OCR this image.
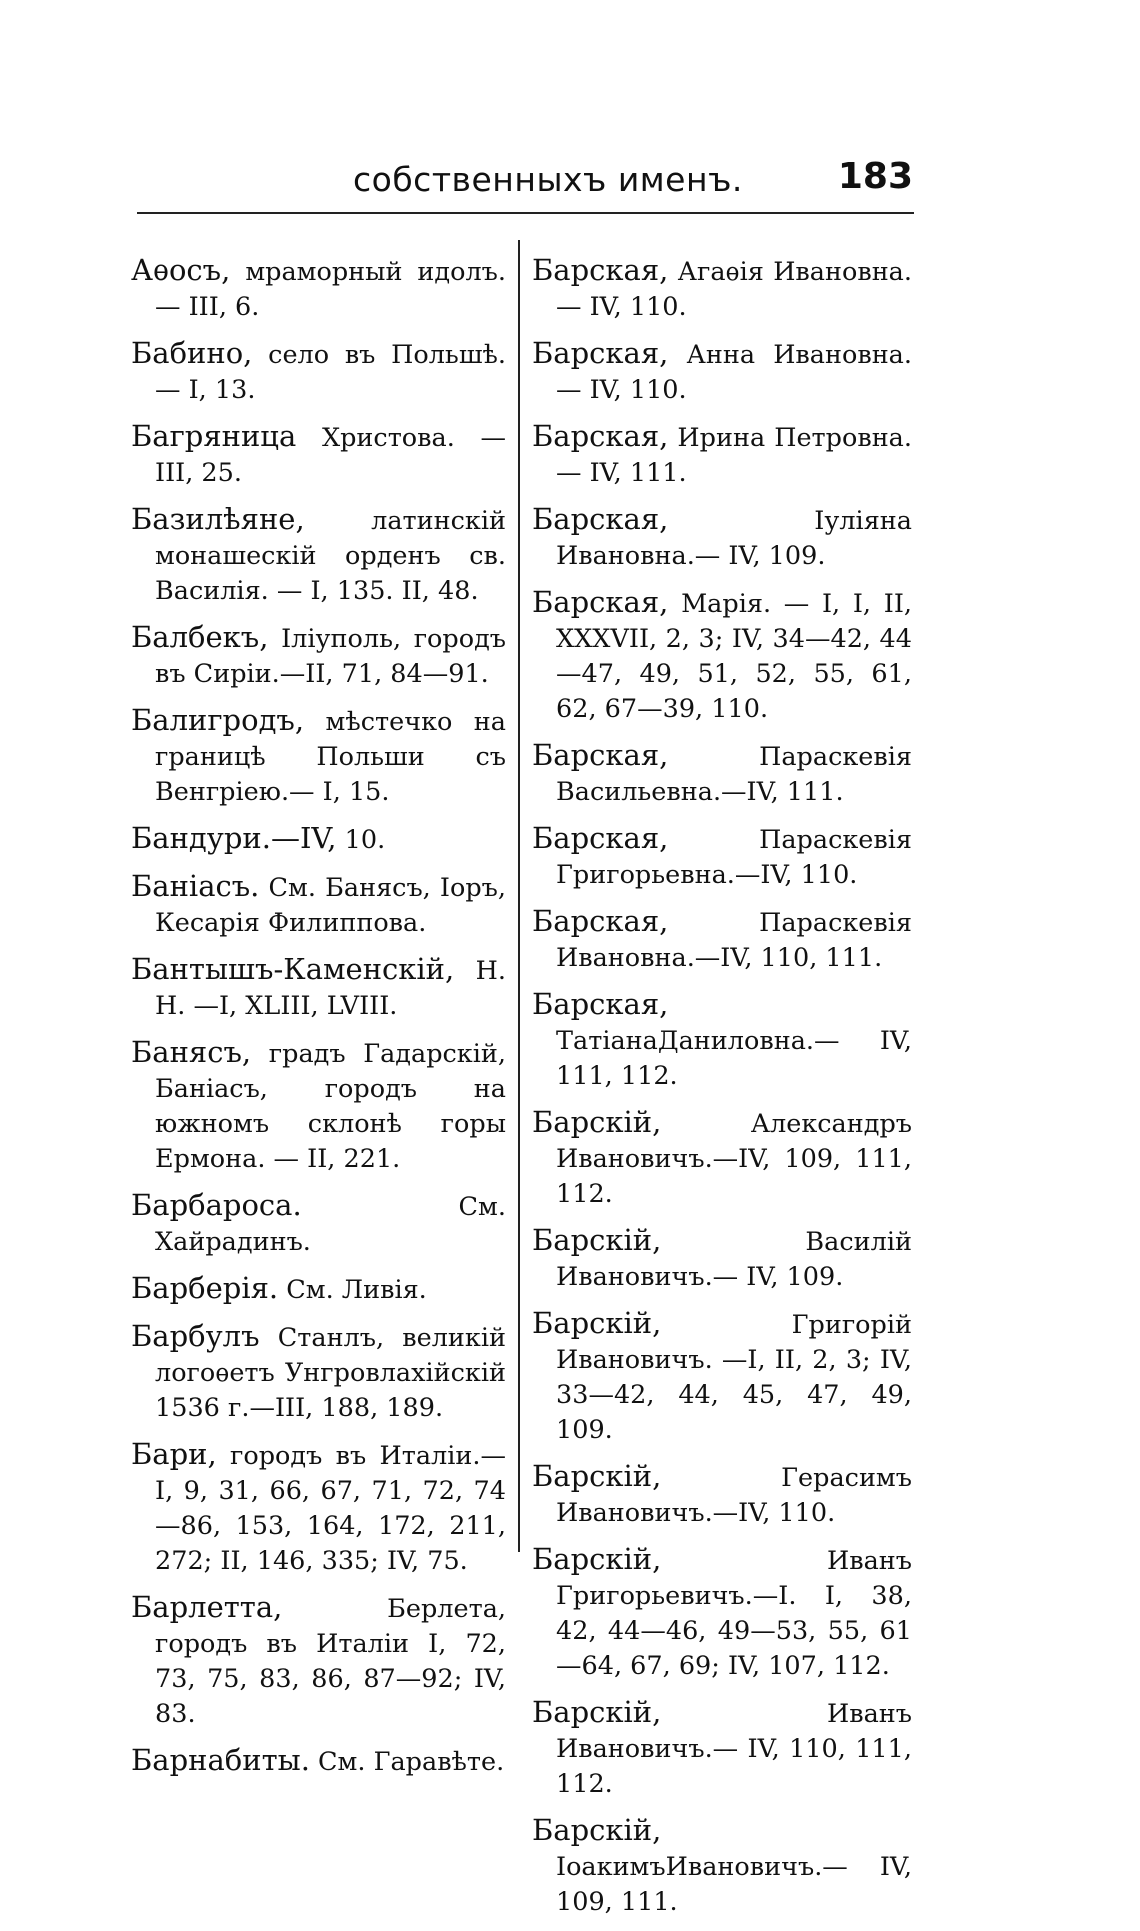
собственныхъ именъ.	183

Аѳосъ, мраморный идолъ. — III, 6.

Бабино, село въ Польшѣ.— I, 13.

Багряница Христова. — III, 25.

Базилѣяне,	латинскій монашескій орденъ св. Василія. — I, 135. II, 48.

Балбекъ, Іліуполь, городъ въ Сиріи.—II, 71, 84—91.

Балигродъ, мѣстечко на границѣ Польши съ Венгріею.— I, 15.

Бандури.—IV, 10.

Баніасъ. См. Банясъ, Іоръ, Кесарія Филиппова.

Бантышъ-Каменскій, Н. Н. —I, XLIII, LVIII.

Банясъ, градъ Гадарскій, Баніасъ, городъ на южномъ склонѣ горы Ермона. — II, 221.

Барбароса.	См. Хайрадинъ.

Барберія. См. Ливія.

Барбулъ Станлъ, великій логоѳетъ Унгровлахійскій 1536 г.—III, 188, 189.

Бари, городъ въ Италіи.—I, 9, 31, 66, 67, 71, 72, 74—86, 153, 164, 172, 211, 272; II, 146, 335; IV, 75.

Барлетта,	Берлета, городъ въ Италіи I, 72, 73, 75, 83, 86, 87—92; IV, 83.

Барнабиты. См. Гаравѣте.

Барская, Агаѳія Ивановна.— IV, 110.

Барская, Анна Ивановна. — IV, 110.

Барская, Ирина Петровна.— IV, 111.

Барская,	Іуліяна Ивановна.— IV, 109.

Барская, Марія. — I, I, II, XXXVII, 2, 3; IV, 34—42, 44—47, 49, 51, 52, 55, 61, 62, 67—39, 110.

Барская,	Параскевія Васильевна.—IV, 111.

Барская,	Параскевія Григорьевна.—IV, 110.

Барская,	Параскевія Ивановна.—IV, 110, 111.

Барская, ТатіанаДаниловна.— IV, 111, 112.

Барскій,	Александръ Ивановичъ.—IV, 109, 111, 112.

Барскій,	Василій Ивановичъ.— IV, 109.

Барскій,	Григорій Ивановичъ. —I, II, 2, 3; IV, 33—42, 44, 45, 47, 49, 109.

Барскій,	Герасимъ Ивановичъ.—IV, 110.

Барскій,	Иванъ Григорьевичъ.—I. I, 38, 42, 44—46, 49—53, 55, 61—64, 67, 69; IV, 107, 112.

Барскій,	Иванъ Ивановичъ.— IV, 110, 111, 112.

Барскій, ІоакимъИвановичъ.— IV, 109, 111.
